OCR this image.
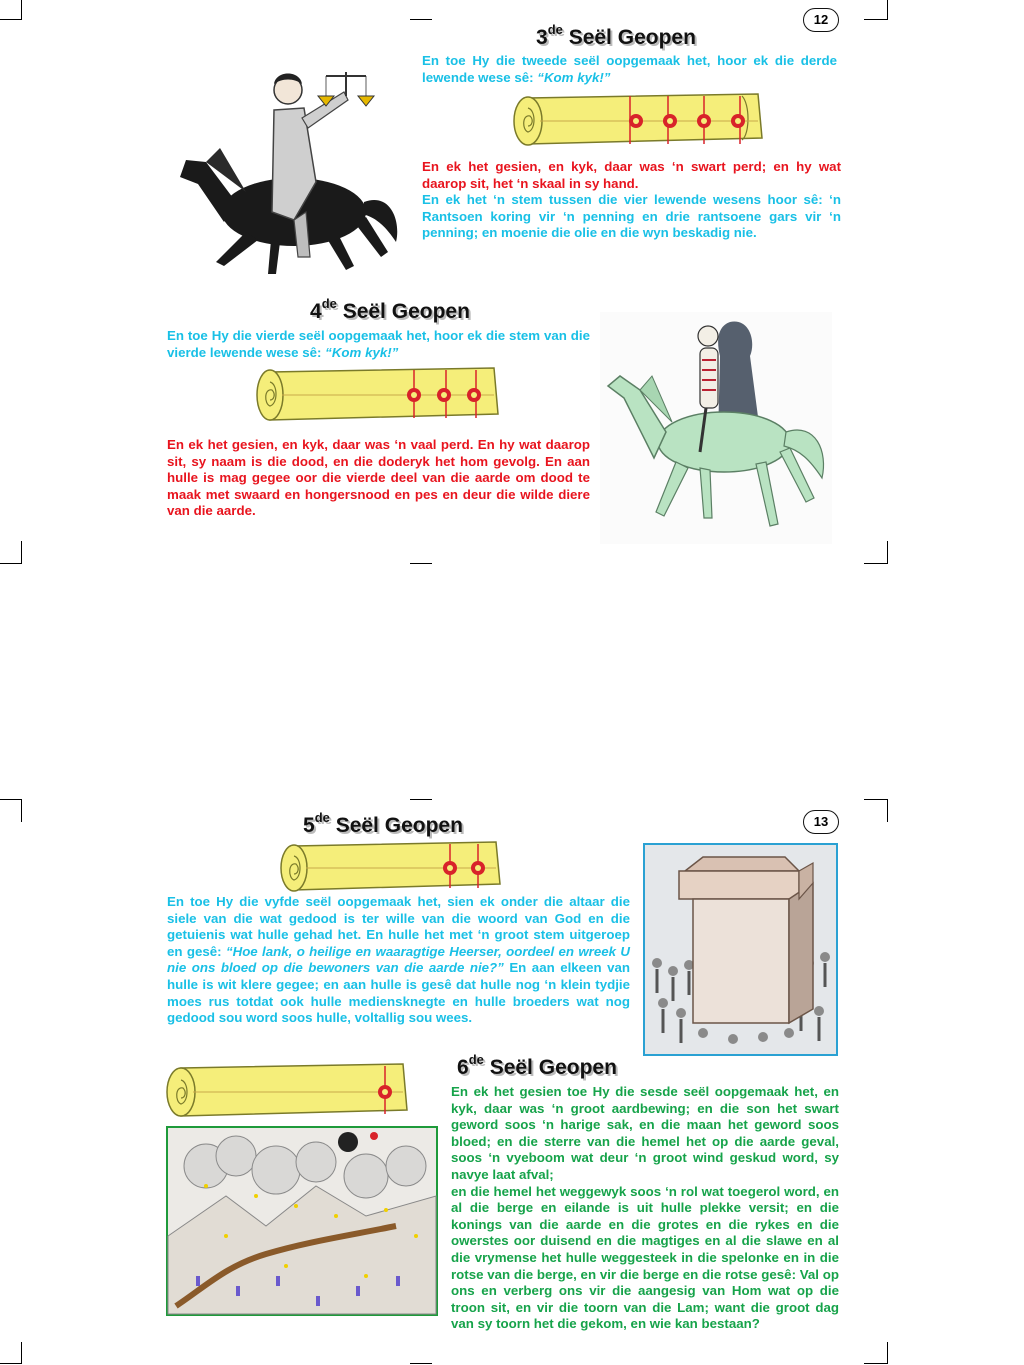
12
3de Seël Geopen

En toe Hy die tweede seël oopgemaak het, hoor ek die derde lewende wese sê: “Kom kyk!”

En ek het gesien, en kyk, daar was ‘n swart perd; en hy wat daarop sit, het ‘n skaal in sy hand.

En ek het ‘n stem tussen die vier lewende wesens hoor sê: ‘n Rantsoen koring vir ‘n penning en drie rantsoene gars vir ‘n penning; en moenie die olie en die wyn beskadig nie.

4de Seël Geopen

En toe Hy die vierde seël oopgemaak het, hoor ek die stem van die vierde lewende wese sê: “Kom kyk!”

En ek het gesien, en kyk, daar was ‘n vaal perd. En hy wat daarop sit, sy naam is die dood, en die doderyk het hom gevolg. En aan hulle is mag gegee oor die vierde deel van die aarde om dood te maak met swaard en hongersnood en pes en deur die wilde diere van die aarde.

13
5de Seël Geopen

En toe Hy die vyfde seël oopgemaak het, sien ek onder die altaar die siele van die wat gedood is ter wille van die woord van God en die getuienis wat hulle gehad het. En hulle het met ‘n groot stem uitgeroep en gesê: “Hoe lank, o heilige en waaragtige Heerser, oordeel en wreek U nie ons bloed op die bewoners van die aarde nie?” En aan elkeen van hulle is wit klere gegee; en aan hulle is gesê dat hulle nog ‘n klein tydjie moes rus totdat ook hulle mediensknegte en hulle broeders wat nog gedood sou word soos hulle, voltallig sou wees.

6de Seël Geopen

En ek het gesien toe Hy die sesde seël oopgemaak het, en kyk, daar was ‘n groot aardbewing; en die son het swart geword soos ‘n harige sak, en die maan het geword soos bloed; en die sterre van die hemel het op die aarde geval, soos ‘n vyeboom wat deur ‘n groot wind geskud word, sy navye laat afval;

en die hemel het weggewyk soos ‘n rol wat toegerol word, en al die berge en eilande is uit hulle plekke versit; en die konings van die aarde en die grotes en die rykes en die owerstes oor duisend en die magtiges en al die slawe en al die vrymense het hulle weggesteek in die spelonke en in die rotse van die berge, en vir die berge en die rotse gesê: Val op ons en verberg ons vir die aangesig van Hom wat op die troon sit, en vir die toorn van die Lam; want die groot dag van sy toorn het die gekom, en wie kan bestaan?
